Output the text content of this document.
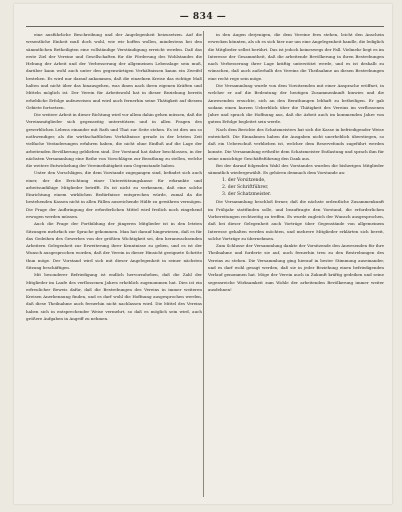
— 834 —

eine ausführliche Beschreibung und der Angelegenheit beizusetzen. Auf die wesentliche Einheit muß doch wohl, wie wir hoffen wollen, mindestens bei den sämmtlichen Betheiligten eine vollständige Verständigung erreicht werden. Daß das erste Ziel der Vereine und Gesellschaften für die Förderung des Wohlstandes die Hebung der Arbeit und der Verbesserung der allgemeinen Lebenslage sein muß, darüber kann wohl auch unter den gegenwärtigen Verhältnissen kaum ein Zweifel bestehen. Es wird nur darauf ankommen, daß die einzelnen Kreise das richtige Maß halten und nicht über das hinausgehen, was ihnen nach ihren eigenen Kräften und Mitteln möglich ist. Der Verein für Arbeitswohl hat in dieser Beziehung bereits erhebliche Erfolge aufzuweisen und wird auch fernerhin seine Thätigkeit auf diesem Gebiete fortsetzen.

Die weitere Arbeit in dieser Richtung wird vor allem dahin gehen müssen, daß die Vereinsmitglieder sich gegenseitig unterstützen und in allen Fragen des gewerblichen Lebens einander mit Rath und That zur Seite stehen. Es ist dies um so nothwendiger, als die wirthschaftlichen Verhältnisse gerade in der letzten Zeit vielfache Veränderungen erfahren haben, die nicht ohne Einfluß auf die Lage der arbeitenden Bevölkerung geblieben sind. Der Vorstand hat daher beschlossen, in der nächsten Versammlung eine Reihe von Vorschlägen zur Berathung zu stellen, welche die weitere Entwickelung der Vereinsthätigkeit zum Gegenstande haben.

Unter den Vorschlägen, die dem Vorstande zugegangen sind, befindet sich auch einer, der die Errichtung einer Unterstützungskasse für erkrankte und arbeitsunfähige Mitglieder betrifft. Es ist nicht zu verkennen, daß eine solche Einrichtung einem wirklichen Bedürfnisse entsprechen würde, zumal da die bestehenden Kassen nicht in allen Fällen ausreichende Hülfe zu gewähren vermögen. Die Frage der Aufbringung der erforderlichen Mittel wird freilich noch eingehend erwogen werden müssen.

Auch die Frage der Fortbildung der jüngeren Mitglieder ist in den letzten Sitzungen mehrfach zur Sprache gekommen. Man hat darauf hingewiesen, daß es für das Gedeihen des Gewerbes von der größten Wichtigkeit sei, den heranwachsenden Arbeitern Gelegenheit zur Erweiterung ihrer Kenntnisse zu geben, und es ist der Wunsch ausgesprochen worden, daß der Verein in dieser Hinsicht geeignete Schritte thun möge. Der Vorstand wird sich mit dieser Angelegenheit in seiner nächsten Sitzung beschäftigen.

Mit besonderer Befriedigung ist endlich hervorzuheben, daß die Zahl der Mitglieder im Laufe des verflossenen Jahres erheblich zugenommen hat. Dies ist ein erfreulicher Beweis dafür, daß die Bestrebungen des Vereins in immer weiteren Kreisen Anerkennung finden, und es darf wohl die Hoffnung ausgesprochen werden, daß diese Theilnahme auch fernerhin nicht nachlassen wird. Die Mittel des Vereins haben sich in entsprechender Weise vermehrt, so daß es möglich sein wird, auch größere Aufgaben in Angriff zu nehmen.

in den Augen derjenigen, die dem Vereine fern stehen, leicht den Anschein erwecken könnten, als ob es sich hier nur um eine Angelegenheit handle, die lediglich die Mitglieder selbst berührt. Das ist jedoch keineswegs der Fall. Vielmehr liegt es im Interesse der Gesammtheit, daß die arbeitende Bevölkerung in ihren Bestrebungen nach Verbesserung ihrer Lage kräftig unterstützt werde, und es ist deshalb zu wünschen, daß auch außerhalb des Vereins die Theilnahme an diesen Bestrebungen eine recht rege sein möge.

Die Versammlung wurde von dem Vorsitzenden mit einer Ansprache eröffnet, in welcher er auf die Bedeutung der heutigen Zusammenkunft hinwies und die Anwesenden ersuchte, sich an den Berathungen lebhaft zu betheiligen. Er gab sodann einen kurzen Ueberblick über die Thätigkeit des Vereins im verflossenen Jahre und sprach die Hoffnung aus, daß die Arbeit auch im kommenden Jahre von gutem Erfolge begleitet sein werde.

Nach dem Berichte des Schatzmeisters hat sich die Kasse in befriedigender Weise entwickelt. Die Einnahmen haben die Ausgaben nicht unerheblich überstiegen, so daß ein Ueberschuß verblieben ist, welcher dem Reservefonds zugeführt werden konnte. Die Versammlung ertheilte dem Schatzmeister Entlastung und sprach ihm für seine umsichtige Geschäftsführung den Dank aus.

Bei der darauf folgenden Wahl des Vorstandes wurden die bisherigen Mitglieder sämmtlich wiedergewählt. Es gehören demnach dem Vorstande an:

1. der Vorsitzende,

2. der Schriftführer,

3. der Schatzmeister.

Die Versammlung beschloß ferner, daß die nächste ordentliche Zusammenkunft im Frühjahr stattfinden solle, und beauftragte den Vorstand, die erforderlichen Vorbereitungen rechtzeitig zu treffen. Es wurde zugleich der Wunsch ausgesprochen, daß bei dieser Gelegenheit auch Vorträge über Gegenstände von allgemeinem Interesse gehalten werden möchten, und mehrere Mitglieder erklärten sich bereit, solche Vorträge zu übernehmen.

Zum Schlusse der Versammlung dankte der Vorsitzende den Anwesenden für ihre Theilnahme und forderte sie auf, auch fernerhin treu zu den Bestrebungen des Vereins zu stehen. Die Versammlung ging hierauf in bester Stimmung auseinander, und es darf wohl gesagt werden, daß sie in jeder Beziehung einen befriedigenden Verlauf genommen hat. Möge der Verein auch in Zukunft kräftig gedeihen und seine segensreiche Wirksamkeit zum Wohle der arbeitenden Bevölkerung immer weiter ausdehnen!
